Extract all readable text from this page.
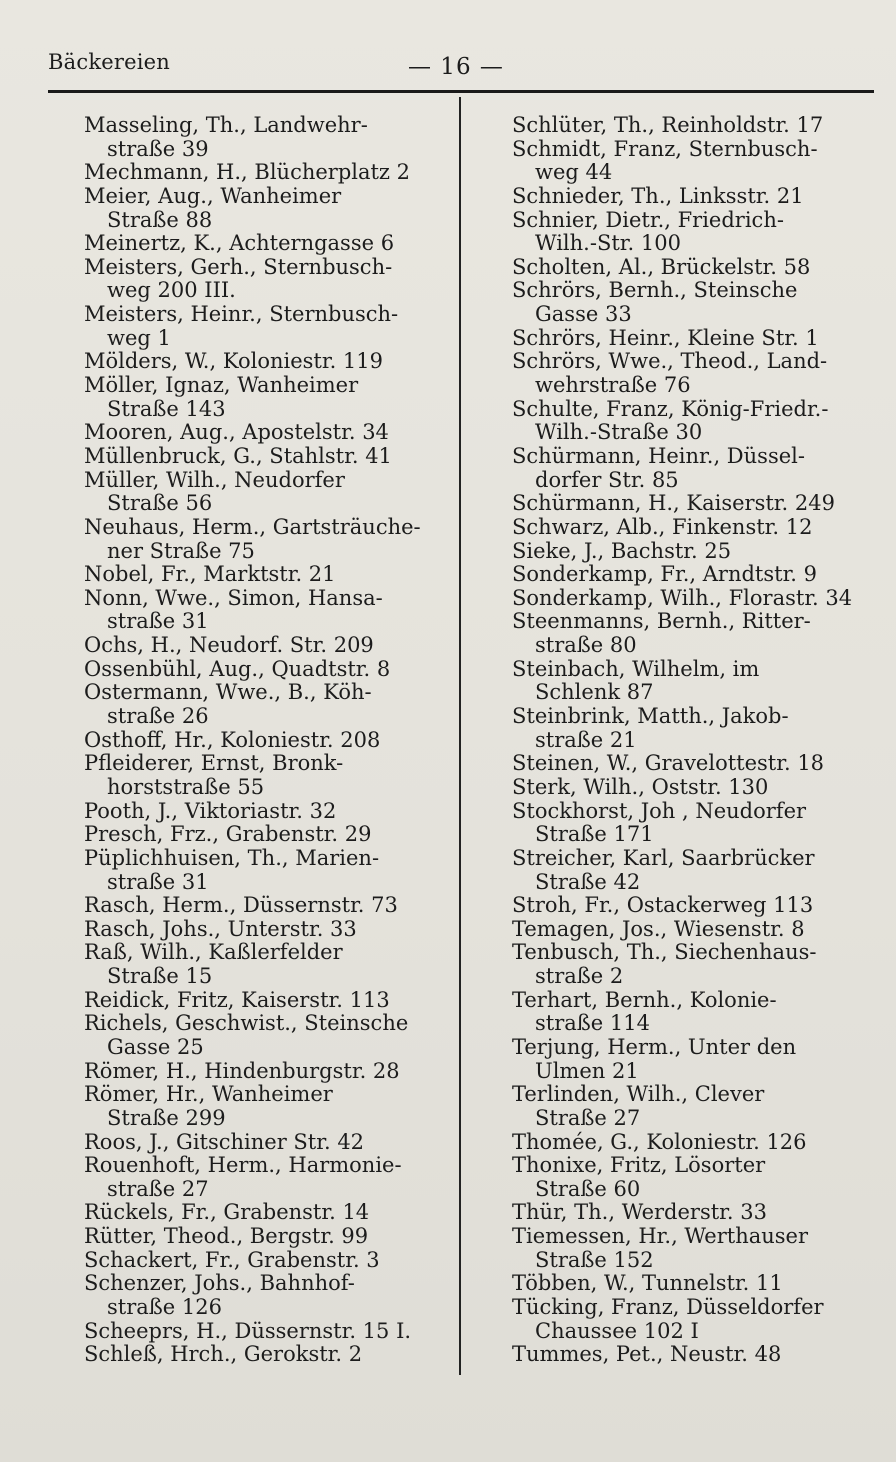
Bäckereien	— 16 —
Masseling, Th., Landwehr-
straße 39
Mechmann, H., Blücherplatz 2
Meier, Aug., Wanheimer
Straße 88
Meinertz, K., Achterngasse 6
Meisters, Gerh., Sternbusch-
weg 200 III.
Meisters, Heinr., Sternbusch-
weg 1
Mölders, W., Koloniestr. 119
Möller, Ignaz, Wanheimer
Straße 143
Mooren, Aug., Apostelstr. 34
Müllenbruck, G., Stahlstr. 41
Müller, Wilh., Neudorfer
Straße 56
Neuhaus, Herm., Gartsträuche-
ner Straße 75
Nobel, Fr., Marktstr. 21
Nonn, Wwe., Simon, Hansa-
straße 31
Ochs, H., Neudorf. Str. 209
Ossenbühl, Aug., Quadtstr. 8
Ostermann, Wwe., B., Köh-
straße 26
Osthoff, Hr., Koloniestr. 208
Pfleiderer, Ernst, Bronk-
horststraße 55
Pooth, J., Viktoriastr. 32
Presch, Frz., Grabenstr. 29
Püplichhuisen, Th., Marien-
straße 31
Rasch, Herm., Düssernstr. 73
Rasch, Johs., Unterstr. 33
Raß, Wilh., Kaßlerfelder
Straße 15
Reidick, Fritz, Kaiserstr. 113
Richels, Geschwist., Steinsche
Gasse 25
Römer, H., Hindenburgstr. 28
Römer, Hr., Wanheimer
Straße 299
Roos, J., Gitschiner Str. 42
Rouenhoft, Herm., Harmonie-
straße 27
Rückels, Fr., Grabenstr. 14
Rütter, Theod., Bergstr. 99
Schackert, Fr., Grabenstr. 3
Schenzer, Johs., Bahnhof-
straße 126
Scheeprs, H., Düssernstr. 15 I.
Schleß, Hrch., Gerokstr. 2
Schlüter, Th., Reinholdstr. 17
Schmidt, Franz, Sternbusch-
weg 44
Schnieder, Th., Linksstr. 21
Schnier, Dietr., Friedrich-
Wilh.-Str. 100
Scholten, Al., Brückelstr. 58
Schrörs, Bernh., Steinsche
Gasse 33
Schrörs, Heinr., Kleine Str. 1
Schrörs, Wwe., Theod., Land-
wehrstraße 76
Schulte, Franz, König-Friedr.-
Wilh.-Straße 30
Schürmann, Heinr., Düssel-
dorfer Str. 85
Schürmann, H., Kaiserstr. 249
Schwarz, Alb., Finkenstr. 12
Sieke, J., Bachstr. 25
Sonderkamp, Fr., Arndtstr. 9
Sonderkamp, Wilh., Florastr. 34
Steenmanns, Bernh., Ritter-
straße 80
Steinbach, Wilhelm, im
Schlenk 87
Steinbrink, Matth., Jakob-
straße 21
Steinen, W., Gravelottestr. 18
Sterk, Wilh., Oststr. 130
Stockhorst, Joh , Neudorfer
Straße 171
Streicher, Karl, Saarbrücker
Straße 42
Stroh, Fr., Ostackerweg 113
Temagen, Jos., Wiesenstr. 8
Tenbusch, Th., Siechenhaus-
straße 2
Terhart, Bernh., Kolonie-
straße 114
Terjung, Herm., Unter den
Ulmen 21
Terlinden, Wilh., Clever
Straße 27
Thomée, G., Koloniestr. 126
Thonixe, Fritz, Lösorter
Straße 60
Thür, Th., Werderstr. 33
Tiemessen, Hr., Werthauser
Straße 152
Többen, W., Tunnelstr. 11
Tücking, Franz, Düsseldorfer
Chaussee 102 I
Tummes, Pet., Neustr. 48
